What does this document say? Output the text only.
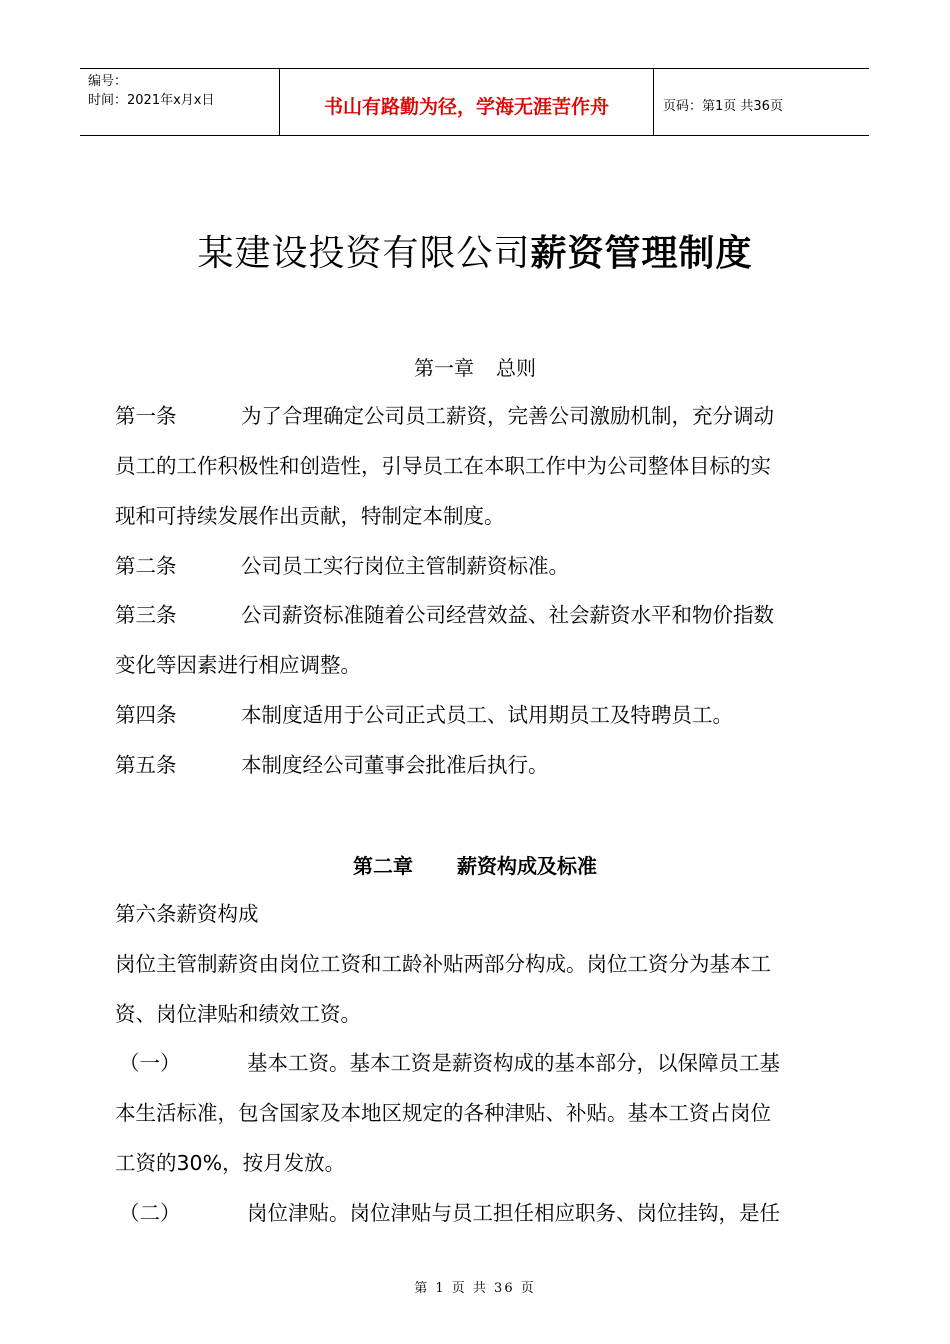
编号：
时间：2021年x月x日	书山有路勤为径，学海无涯苦作舟	页码：第1页 共36页
某建设投资有限公司薪资管理制度
第一章 总则
第一条	为了合理确定公司员工薪资，完善公司激励机制，充分调动
员工的工作积极性和创造性，引导员工在本职工作中为公司整体目标的实
现和可持续发展作出贡献，特制定本制度。
第二条	公司员工实行岗位主管制薪资标准。
第三条	公司薪资标准随着公司经营效益、社会薪资水平和物价指数
变化等因素进行相应调整。
第四条	本制度适用于公司正式员工、试用期员工及特聘员工。
第五条	本制度经公司董事会批准后执行。
第二章 薪资构成及标准
第六条薪资构成
岗位主管制薪资由岗位工资和工龄补贴两部分构成。岗位工资分为基本工
资、岗位津贴和绩效工资。
（一）	基本工资。基本工资是薪资构成的基本部分，以保障员工基
本生活标准，包含国家及本地区规定的各种津贴、补贴。基本工资占岗位
工资的30%，按月发放。
（二）	岗位津贴。岗位津贴与员工担任相应职务、岗位挂钩，是任
第 1 页 共 36 页
